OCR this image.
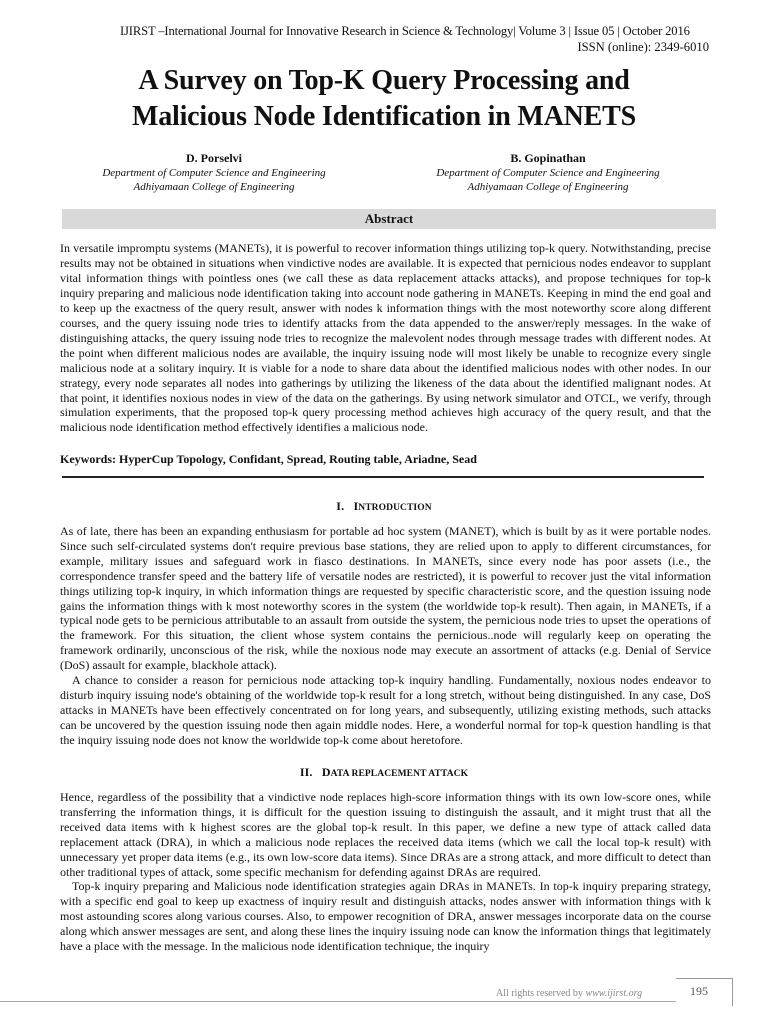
IJIRST –International Journal for Innovative Research in Science & Technology| Volume 3 | Issue 05 | October 2016
ISSN (online): 2349-6010
A Survey on Top-K Query Processing and
Malicious Node Identification in MANETS
D. Porselvi
Department of Computer Science and Engineering
Adhiyamaan College of Engineering
B. Gopinathan
Department of Computer Science and Engineering
Adhiyamaan College of Engineering
Abstract
In versatile impromptu systems (MANETs), it is powerful to recover information things utilizing top-k query. Notwithstanding, precise results may not be obtained in situations when vindictive nodes are available. It is expected that pernicious nodes endeavor to supplant vital information things with pointless ones (we call these as data replacement attacks attacks), and propose techniques for top-k inquiry preparing and malicious node identification taking into account node gathering in MANETs. Keeping in mind the end goal and to keep up the exactness of the query result, answer with nodes k information things with the most noteworthy score along different courses, and the query issuing node tries to identify attacks from the data appended to the answer/reply messages. In the wake of distinguishing attacks, the query issuing node tries to recognize the malevolent nodes through message trades with different nodes. At the point when different malicious nodes are available, the inquiry issuing node will most likely be unable to recognize every single malicious node at a solitary inquiry. It is viable for a node to share data about the identified malicious nodes with other nodes. In our strategy, every node separates all nodes into gatherings by utilizing the likeness of the data about the identified malignant nodes. At that point, it identifies noxious nodes in view of the data on the gatherings. By using network simulator and OTCL, we verify, through simulation experiments, that the proposed top-k query processing method achieves high accuracy of the query result, and that the malicious node identification method effectively identifies a malicious node.
Keywords: HyperCup Topology, Confidant, Spread, Routing table, Ariadne, Sead
I. INTRODUCTION
As of late, there has been an expanding enthusiasm for portable ad hoc system (MANET), which is built by as it were portable nodes. Since such self-circulated systems don't require previous base stations, they are relied upon to apply to different circumstances, for example, military issues and safeguard work in fiasco destinations. In MANETs, since every node has poor assets (i.e., the correspondence transfer speed and the battery life of versatile nodes are restricted), it is powerful to recover just the vital information things utilizing top-k inquiry, in which information things are requested by specific characteristic score, and the question issuing node gains the information things with k most noteworthy scores in the system (the worldwide top-k result). Then again, in MANETs, if a typical node gets to be pernicious attributable to an assault from outside the system, the pernicious node tries to upset the operations of the framework. For this situation, the client whose system contains the pernicious..node will regularly keep on operating the framework ordinarily, unconscious of the risk, while the noxious node may execute an assortment of attacks (e.g. Denial of Service (DoS) assault for example, blackhole attack).
A chance to consider a reason for pernicious node attacking top-k inquiry handling. Fundamentally, noxious nodes endeavor to disturb inquiry issuing node's obtaining of the worldwide top-k result for a long stretch, without being distinguished. In any case, DoS attacks in MANETs have been effectively concentrated on for long years, and subsequently, utilizing existing methods, such attacks can be uncovered by the question issuing node then again middle nodes. Here, a wonderful normal for top-k question handling is that the inquiry issuing node does not know the worldwide top-k come about heretofore.
II. DATA REPLACEMENT ATTACK
Hence, regardless of the possibility that a vindictive node replaces high-score information things with its own low-score ones, while transferring the information things, it is difficult for the question issuing to distinguish the assault, and it might trust that all the received data items with k highest scores are the global top-k result. In this paper, we define a new type of attack called data replacement attack (DRA), in which a malicious node replaces the received data items (which we call the local top-k result) with unnecessary yet proper data items (e.g., its own low-score data items). Since DRAs are a strong attack, and more difficult to detect than other traditional types of attack, some specific mechanism for defending against DRAs are required.
Top-k inquiry preparing and Malicious node identification strategies again DRAs in MANETs. In top-k inquiry preparing strategy, with a specific end goal to keep up exactness of inquiry result and distinguish attacks, nodes answer with information things with k most astounding scores along various courses. Also, to empower recognition of DRA, answer messages incorporate data on the course along which answer messages are sent, and along these lines the inquiry issuing node can know the information things that legitimately have a place with the message. In the malicious node identification technique, the inquiry
All rights reserved by www.ijirst.org	195
